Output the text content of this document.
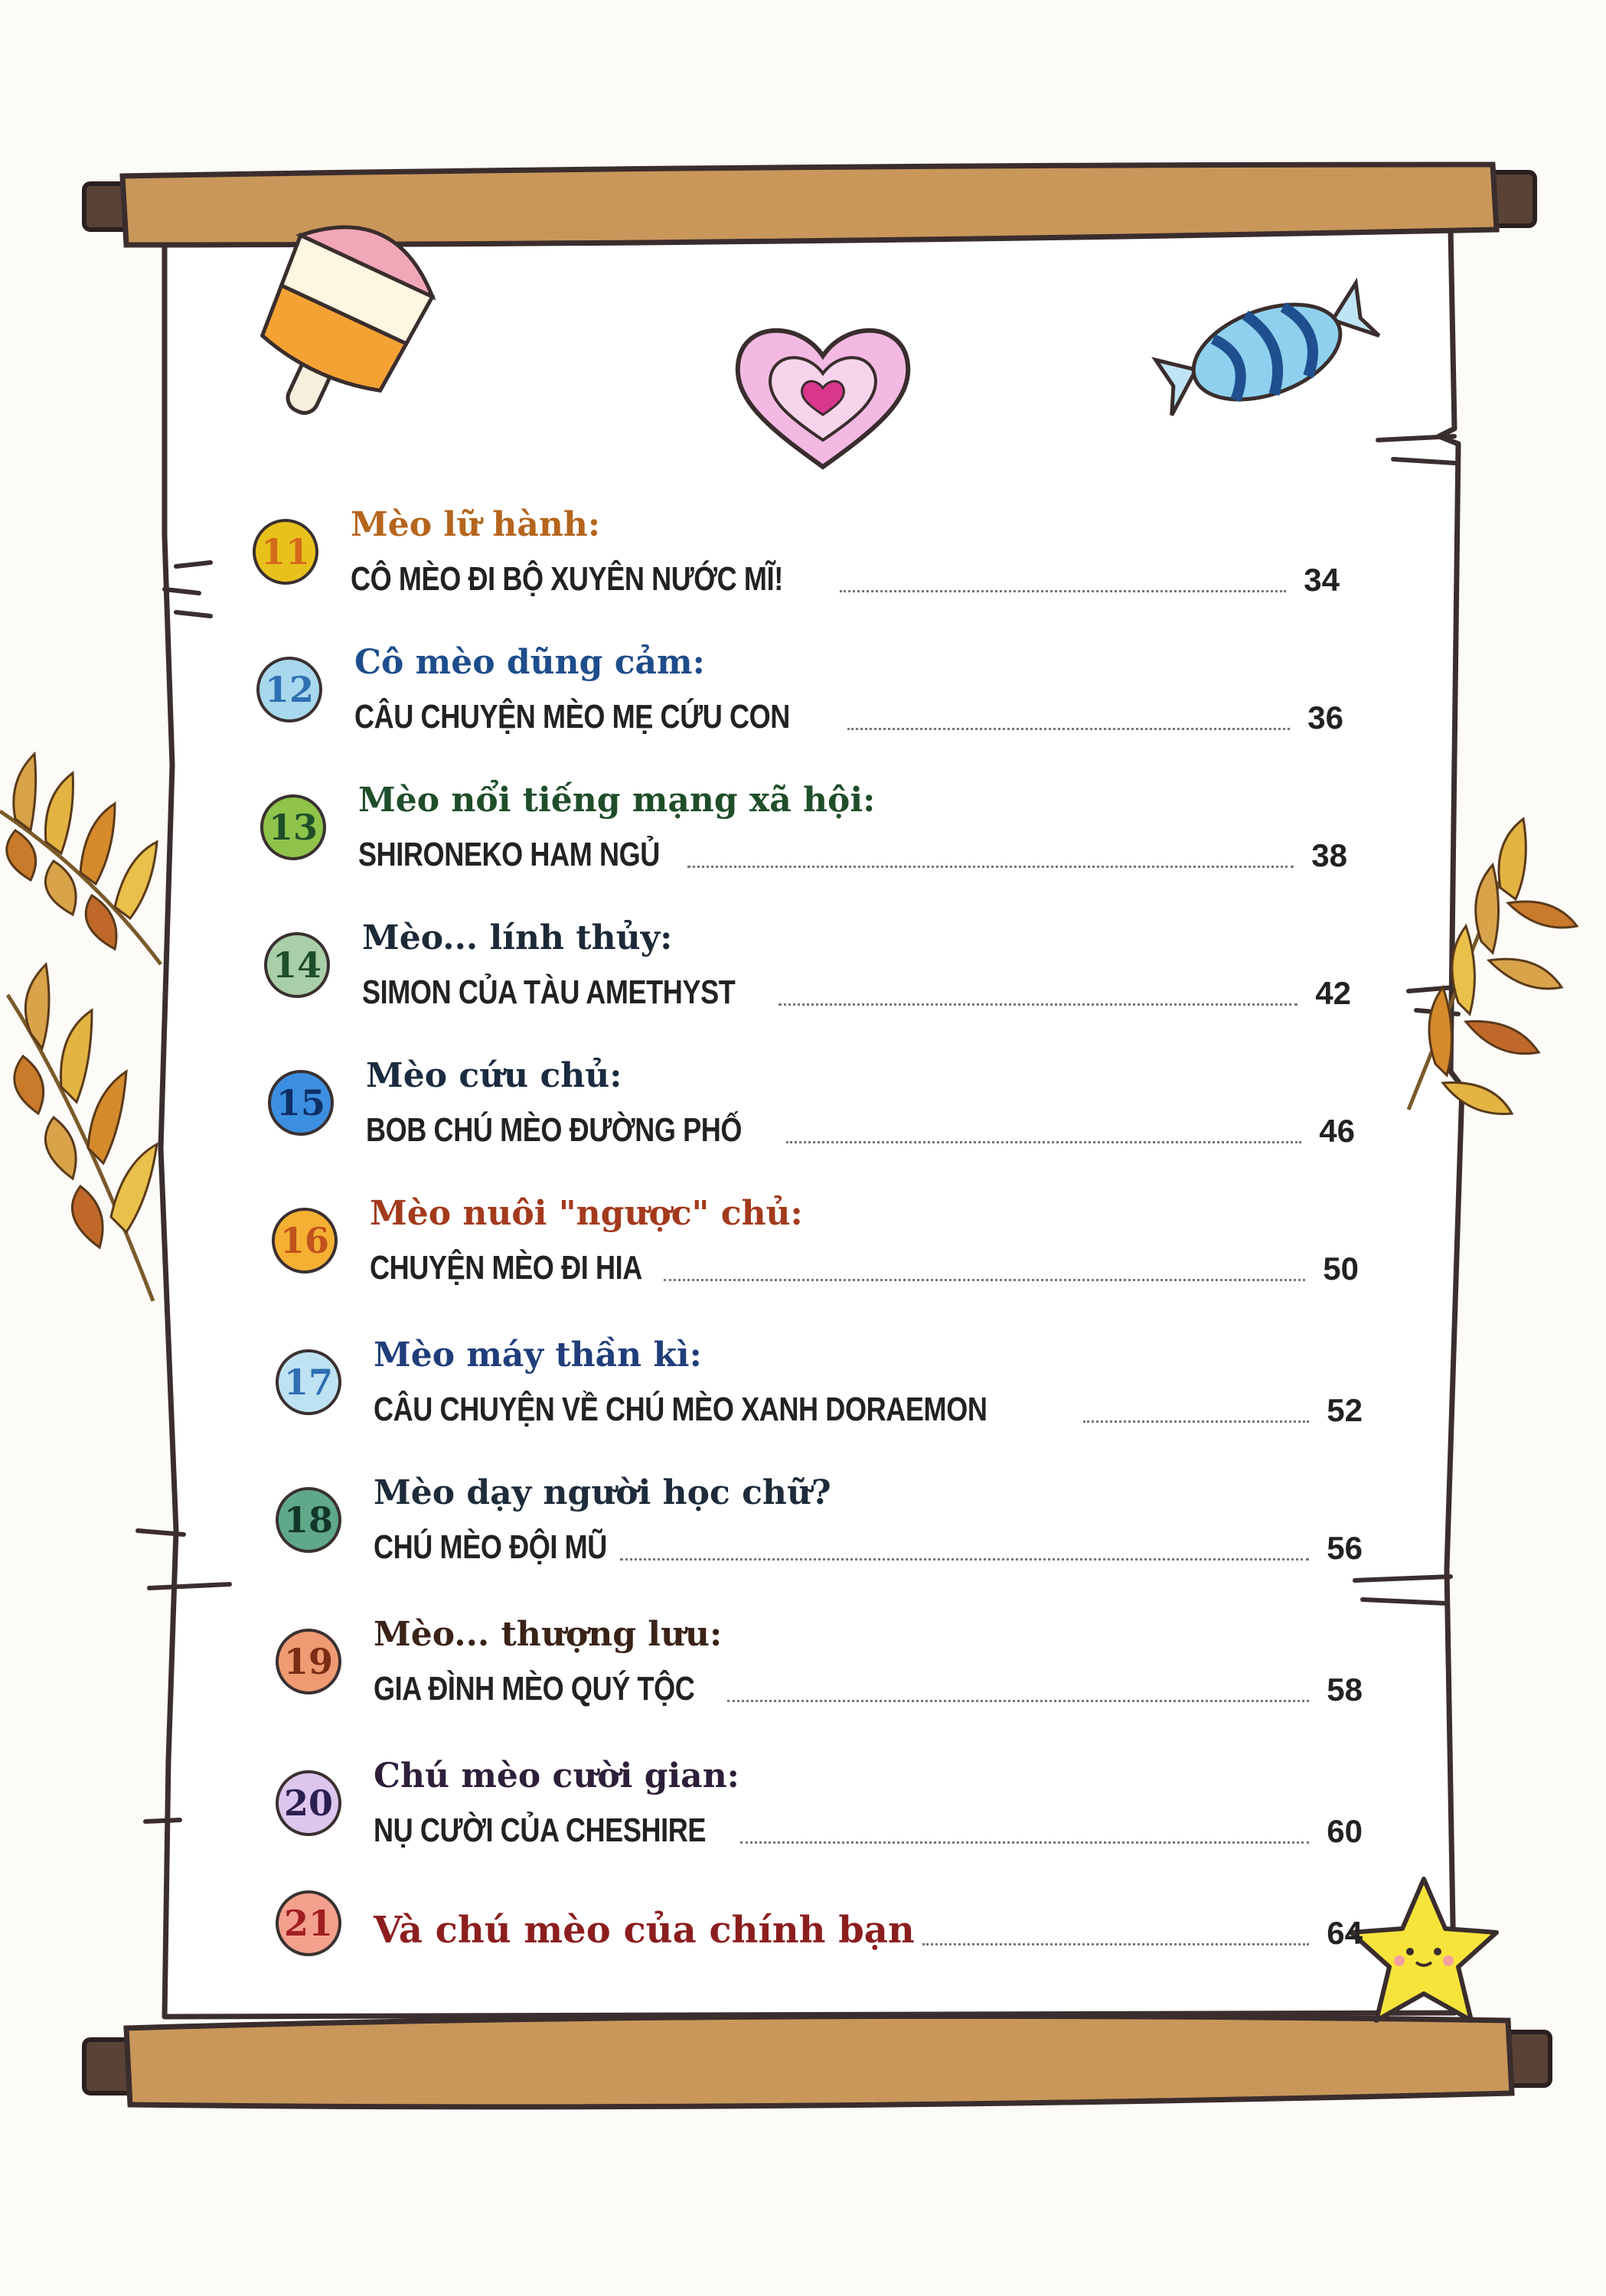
11
Mèo lữ hành:
CÔ MÈO ĐI BỘ XUYÊN NƯỚC MĨ!	34
12
Cô mèo dũng cảm:
CÂU CHUYỆN MÈO MẸ CỨU CON	36
13
Mèo nổi tiếng mạng xã hội:
SHIRONEKO HAM NGỦ	38
14
Mèo... lính thủy:
SIMON CỦA TÀU AMETHYST	42
15
Mèo cứu chủ:
BOB CHÚ MÈO ĐƯỜNG PHỐ	46
16
Mèo nuôi "ngược" chủ:
CHUYỆN MÈO ĐI HIA	50
17
Mèo máy thần kì:
CÂU CHUYỆN VỀ CHÚ MÈO XANH DORAEMON	52
18
Mèo dạy người học chữ?
CHÚ MÈO ĐỘI MŨ	56
19
Mèo... thượng lưu:
GIA ĐÌNH MÈO QUÝ TỘC	58
20
Chú mèo cười gian:
NỤ CƯỜI CỦA CHESHIRE	60
21 Và chú mèo của chính bạn	64
